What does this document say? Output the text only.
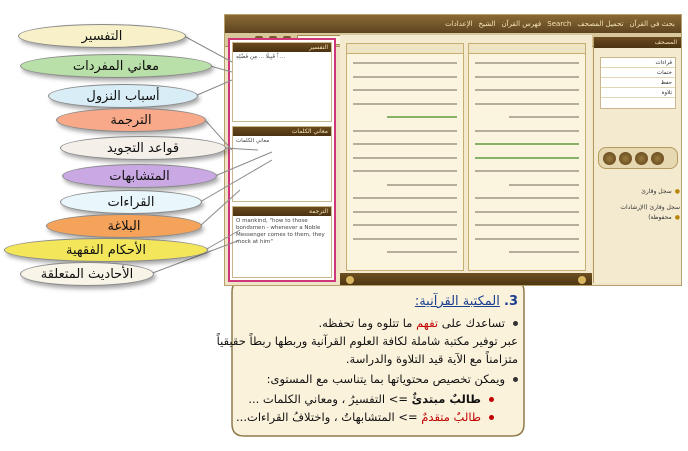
الإعدادات الشيخ فهرس القرآن Search تحميل المصحف بحث في القرآن
التفسير
ﭐ قَبِيلًا ... مِن فَضْلِهِ ...
معاني الكلمات
معاني الكلمات
الترجمة
O mankind, "how to those bondsmen - whenever a Noble Messenger comes to them, they mock at him"
المصحف
قراءات
ختمات
حفظ
تلاوة
سجل وقارئ ●
سجل وقارئ (الإرشادات محفوظة) ●
التفسير
معاني المفردات
أسباب النزول
الترجمة
قواعد التجويد
المتشابهات
القراءات
البلاغة
الأحكام الفقهية
الأحاديث المتعلقة
3. المكتبة القرآنية:
تساعدك على تفهم ما تتلوه وما تحفظه.
عبر توفير مكتبة شاملة لكافة العلوم القرآنية وربطها ربطاً حقيقياً
متزامناً مع الآية قيد التلاوة والدراسة.
ويمكن تخصيص محتوياتها بما يتناسب مع المستوى:
طالبٌ مبتدئٌ => التفسيرُ ، ومعاني الكلمات ...
طالبٌ متقدمٌ => المتشابهاتُ ، واختلافُ القراءات...
